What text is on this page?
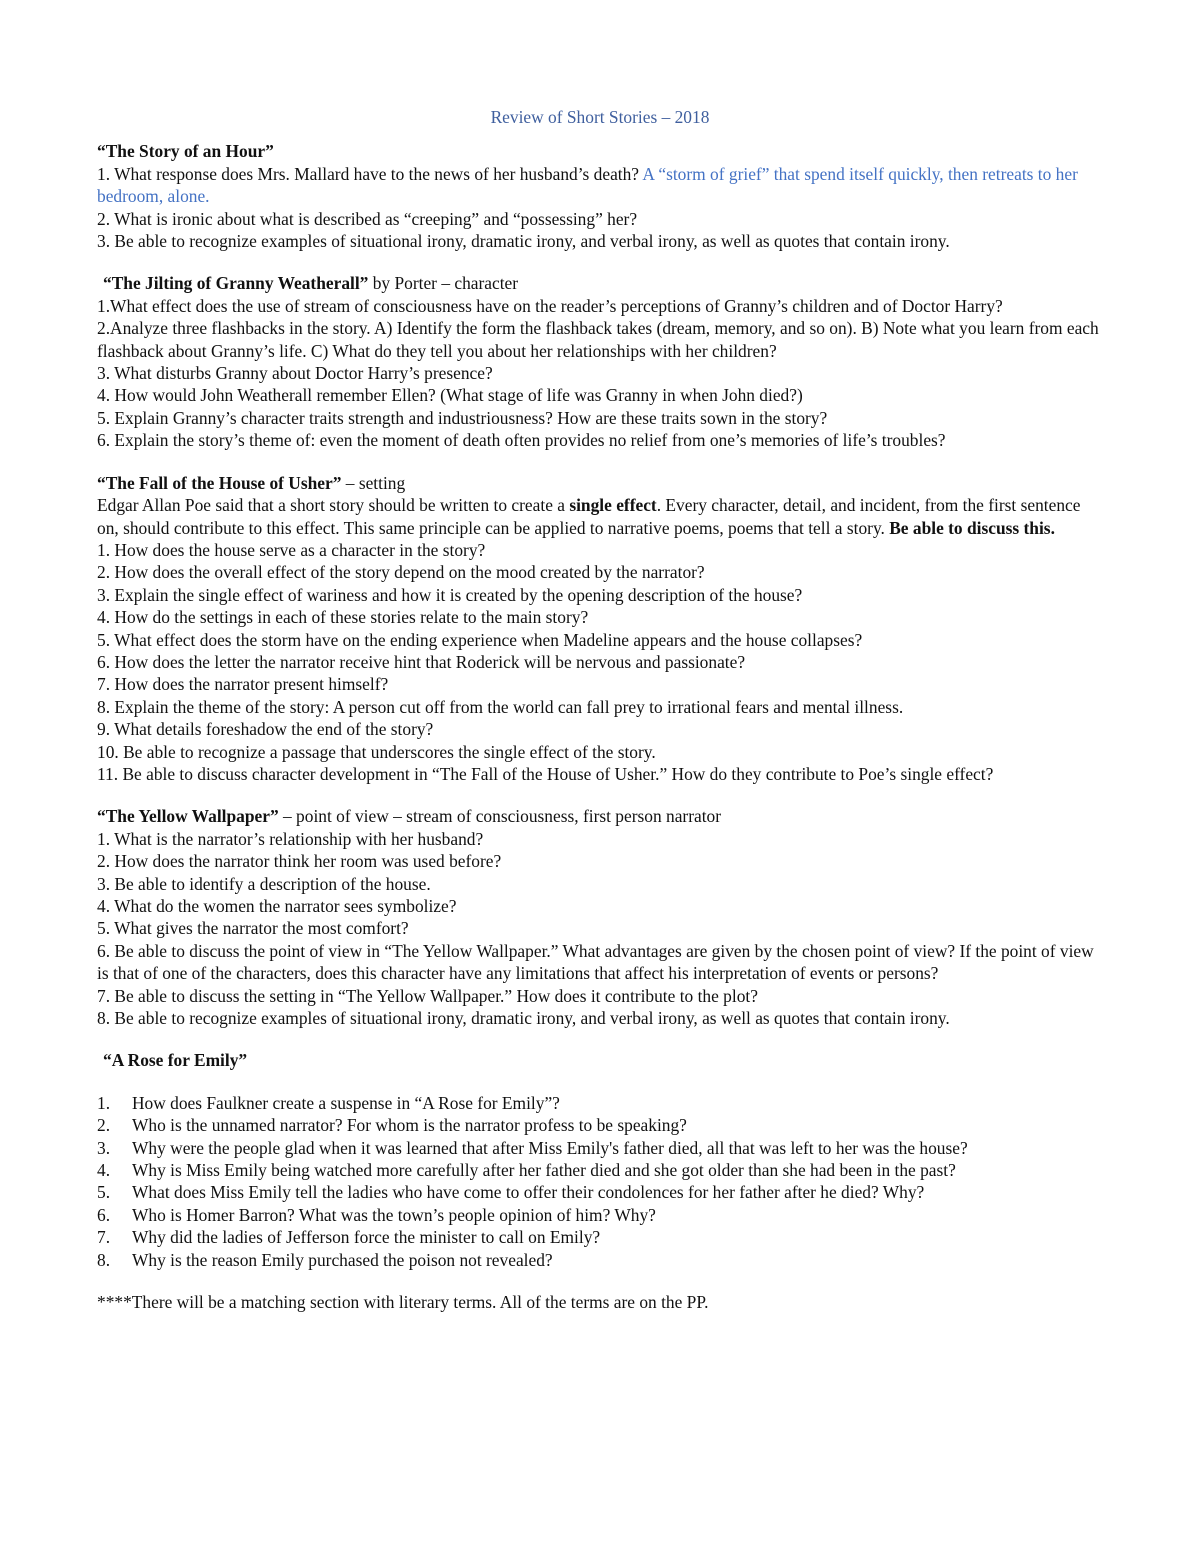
Review of Short Stories – 2018

“The Story of an Hour”

1. What response does Mrs. Mallard have to the news of her husband’s death? A “storm of grief” that spend itself quickly, then retreats to her bedroom, alone.

2. What is ironic about what is described as “creeping” and “possessing” her?

3. Be able to recognize examples of situational irony, dramatic irony, and verbal irony, as well as quotes that contain irony.

“The Jilting of Granny Weatherall” by Porter – character

1.What effect does the use of stream of consciousness have on the reader’s perceptions of Granny’s children and of Doctor Harry?

2.Analyze three flashbacks in the story. A) Identify the form the flashback takes (dream, memory, and so on). B) Note what you learn from each flashback about Granny’s life. C) What do they tell you about her relationships with her children?

3. What disturbs Granny about Doctor Harry’s presence?

4. How would John Weatherall remember Ellen? (What stage of life was Granny in when John died?)

5. Explain Granny’s character traits strength and industriousness? How are these traits sown in the story?

6. Explain the story’s theme of: even the moment of death often provides no relief from one’s memories of life’s troubles?

“The Fall of the House of Usher” – setting

Edgar Allan Poe said that a short story should be written to create a single effect. Every character, detail, and incident, from the first sentence on, should contribute to this effect. This same principle can be applied to narrative poems, poems that tell a story. Be able to discuss this.

1. How does the house serve as a character in the story?

2. How does the overall effect of the story depend on the mood created by the narrator?

3. Explain the single effect of wariness and how it is created by the opening description of the house?

4. How do the settings in each of these stories relate to the main story?

5. What effect does the storm have on the ending experience when Madeline appears and the house collapses?

6. How does the letter the narrator receive hint that Roderick will be nervous and passionate?

7. How does the narrator present himself?

8. Explain the theme of the story: A person cut off from the world can fall prey to irrational fears and mental illness.

9. What details foreshadow the end of the story?

10. Be able to recognize a passage that underscores the single effect of the story.

11. Be able to discuss character development in “The Fall of the House of Usher.” How do they contribute to Poe’s single effect?

“The Yellow Wallpaper” – point of view – stream of consciousness, first person narrator

1. What is the narrator’s relationship with her husband?

2. How does the narrator think her room was used before?

3. Be able to identify a description of the house.

4. What do the women the narrator sees symbolize?

5. What gives the narrator the most comfort?

6. Be able to discuss the point of view in “The Yellow Wallpaper.” What advantages are given by the chosen point of view? If the point of view is that of one of the characters, does this character have any limitations that affect his interpretation of events or persons?

7. Be able to discuss the setting in “The Yellow Wallpaper.” How does it contribute to the plot?

8. Be able to recognize examples of situational irony, dramatic irony, and verbal irony, as well as quotes that contain irony.

“A Rose for Emily”

1.	How does Faulkner create a suspense in “A Rose for Emily”?
2.	Who is the unnamed narrator? For whom is the narrator profess to be speaking?
3.	Why were the people glad when it was learned that after Miss Emily's father died, all that was left to her was the house?
4.	Why is Miss Emily being watched more carefully after her father died and she got older than she had been in the past?
5.	What does Miss Emily tell the ladies who have come to offer their condolences for her father after he died? Why?
6.	Who is Homer Barron? What was the town’s people opinion of him? Why?
7.	Why did the ladies of Jefferson force the minister to call on Emily?
8.	Why is the reason Emily purchased the poison not revealed?

****There will be a matching section with literary terms. All of the terms are on the PP.
